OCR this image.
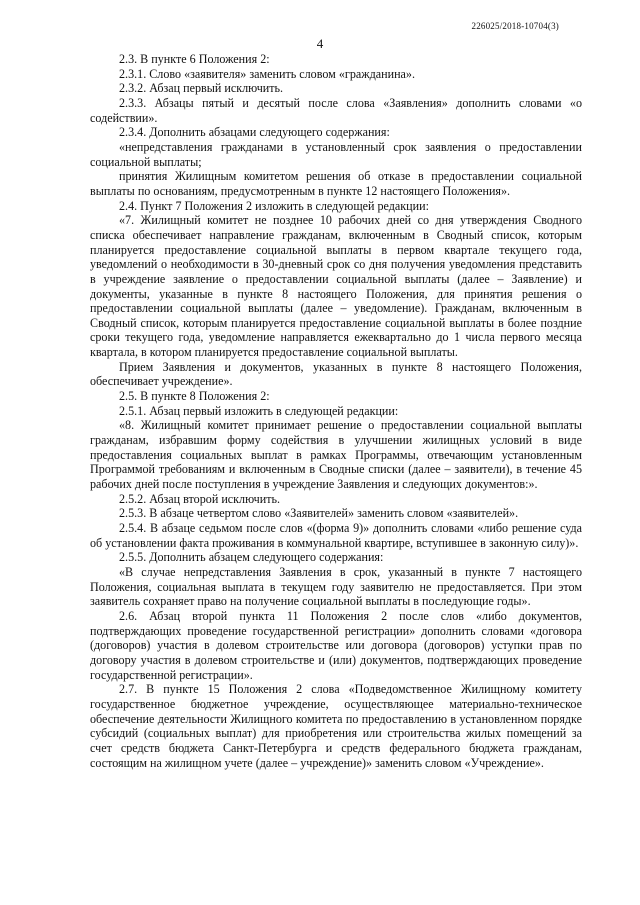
226025/2018-10704(3)
4

2.3. В пункте 6 Положения 2:

2.3.1. Слово «заявителя» заменить словом «гражданина».

2.3.2. Абзац первый исключить.

2.3.3. Абзацы пятый и десятый после слова «Заявления» дополнить словами «о содействии».

2.3.4. Дополнить абзацами следующего содержания:

«непредставления гражданами в установленный срок заявления о предоставлении социальной выплаты;

принятия Жилищным комитетом решения об отказе в предоставлении социальной выплаты по основаниям, предусмотренным в пункте 12 настоящего Положения».

2.4. Пункт 7 Положения 2 изложить в следующей редакции:

«7. Жилищный комитет не позднее 10 рабочих дней со дня утверждения Сводного списка обеспечивает направление гражданам, включенным в Сводный список, которым планируется предоставление социальной выплаты в первом квартале текущего года, уведомлений о необходимости в 30-дневный срок со дня получения уведомления представить в учреждение заявление о предоставлении социальной выплаты (далее – Заявление) и документы, указанные в пункте 8 настоящего Положения, для принятия решения о предоставлении социальной выплаты (далее – уведомление). Гражданам, включенным в Сводный список, которым планируется предоставление социальной выплаты в более поздние сроки текущего года, уведомление направляется ежеквартально до 1 числа первого месяца квартала, в котором планируется предоставление социальной выплаты.

Прием Заявления и документов, указанных в пункте 8 настоящего Положения, обеспечивает учреждение».

2.5. В пункте 8 Положения 2:

2.5.1. Абзац первый изложить в следующей редакции:

«8. Жилищный комитет принимает решение о предоставлении социальной выплаты гражданам, избравшим форму содействия в улучшении жилищных условий в виде предоставления социальных выплат в рамках Программы, отвечающим установленным Программой требованиям и включенным в Сводные списки (далее – заявители), в течение 45 рабочих дней после поступления в учреждение Заявления и следующих документов:».

2.5.2. Абзац второй исключить.

2.5.3. В абзаце четвертом слово «Заявителей» заменить словом «заявителей».

2.5.4. В абзаце седьмом после слов «(форма 9)» дополнить словами «либо решение суда об установлении факта проживания в коммунальной квартире, вступившее в законную силу)».

2.5.5. Дополнить абзацем следующего содержания:

«В случае непредставления Заявления в срок, указанный в пункте 7 настоящего Положения, социальная выплата в текущем году заявителю не предоставляется. При этом заявитель сохраняет право на получение социальной выплаты в последующие годы».

2.6. Абзац второй пункта 11 Положения 2 после слов «либо документов, подтверждающих проведение государственной регистрации» дополнить словами «договора (договоров) участия в долевом строительстве или договора (договоров) уступки прав по договору участия в долевом строительстве и (или) документов, подтверждающих проведение государственной регистрации».

2.7. В пункте 15 Положения 2 слова «Подведомственное Жилищному комитету государственное бюджетное учреждение, осуществляющее материально-техническое обеспечение деятельности Жилищного комитета по предоставлению в установленном порядке субсидий (социальных выплат) для приобретения или строительства жилых помещений за счет средств бюджета Санкт-Петербурга и средств федерального бюджета гражданам, состоящим на жилищном учете (далее – учреждение)» заменить словом «Учреждение».
